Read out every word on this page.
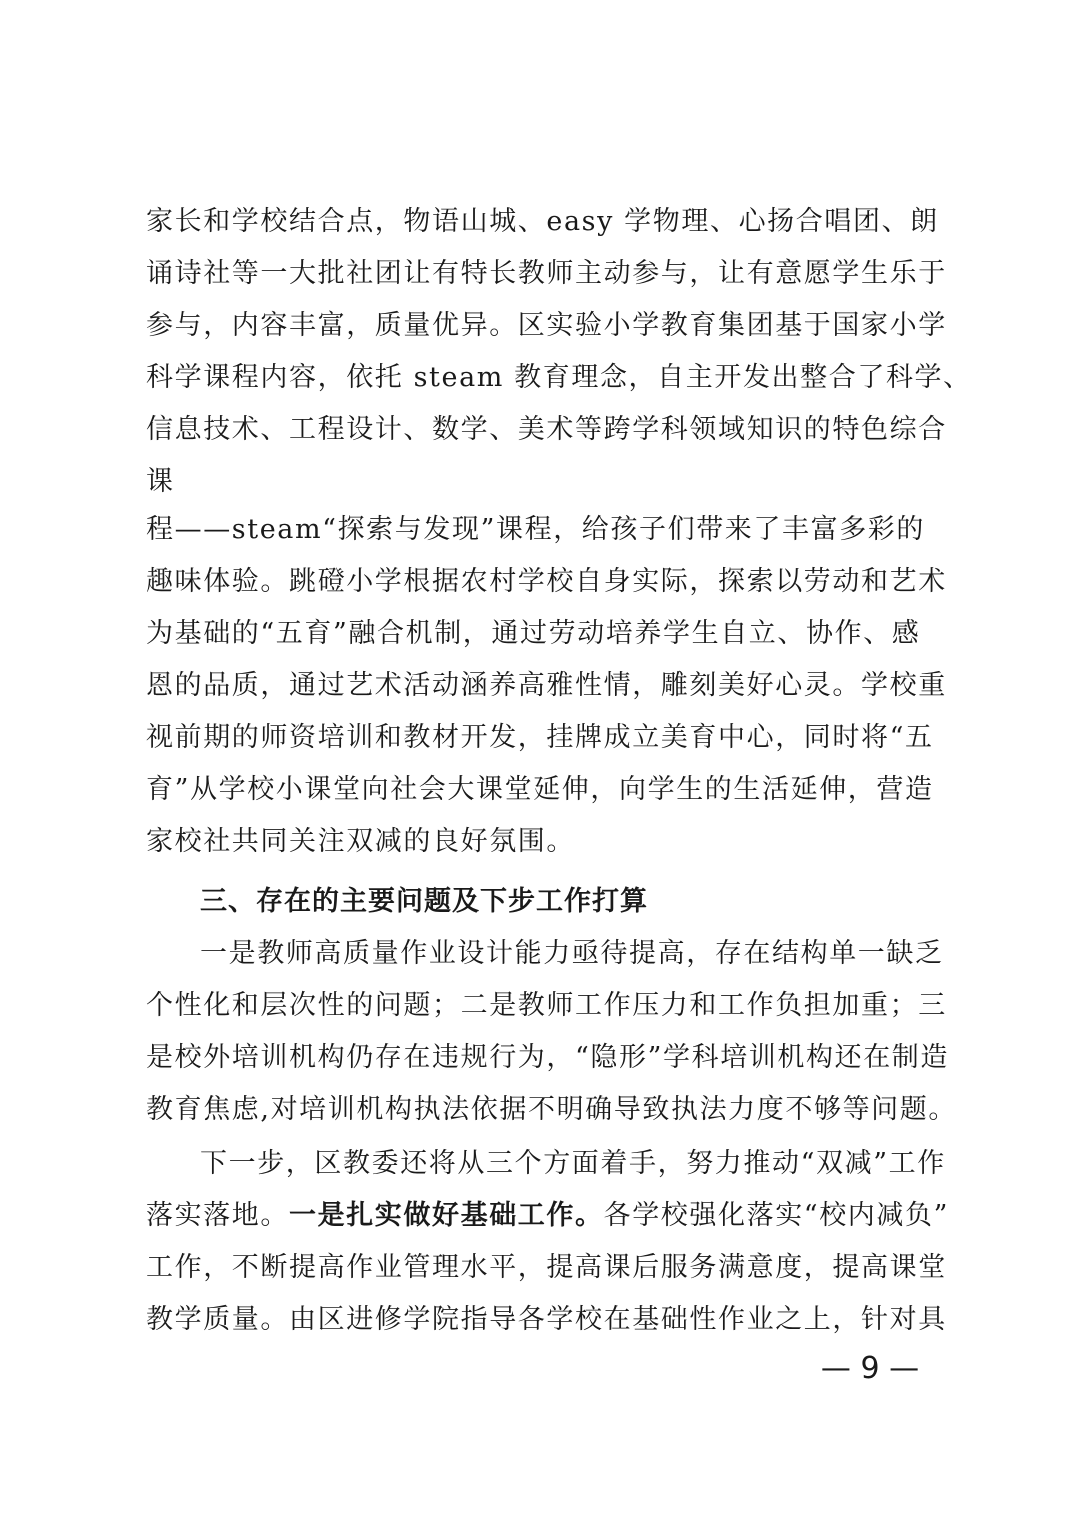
家长和学校结合点，物语山城、easy 学物理、心扬合唱团、朗
诵诗社等一大批社团让有特长教师主动参与，让有意愿学生乐于
参与，内容丰富，质量优异。区实验小学教育集团基于国家小学
科学课程内容，依托 steam 教育理念，自主开发出整合了科学、
信息技术、工程设计、数学、美术等跨学科领域知识的特色综合
课
程——steam“探索与发现”课程，给孩子们带来了丰富多彩的
趣味体验。跳磴小学根据农村学校自身实际，探索以劳动和艺术
为基础的“五育”融合机制，通过劳动培养学生自立、协作、感
恩的品质，通过艺术活动涵养高雅性情，雕刻美好心灵。学校重
视前期的师资培训和教材开发，挂牌成立美育中心，同时将“五
育”从学校小课堂向社会大课堂延伸，向学生的生活延伸，营造
家校社共同关注双减的良好氛围。
三、存在的主要问题及下步工作打算
一是教师高质量作业设计能力亟待提高，存在结构单一缺乏
个性化和层次性的问题；二是教师工作压力和工作负担加重；三
是校外培训机构仍存在违规行为，“隐形”学科培训机构还在制造
教育焦虑,对培训机构执法依据不明确导致执法力度不够等问题。
下一步，区教委还将从三个方面着手，努力推动“双减”工作
落实落地。一是扎实做好基础工作。各学校强化落实“校内减负”
工作，不断提高作业管理水平，提高课后服务满意度，提高课堂
教学质量。由区进修学院指导各学校在基础性作业之上，针对具
— 9 —
